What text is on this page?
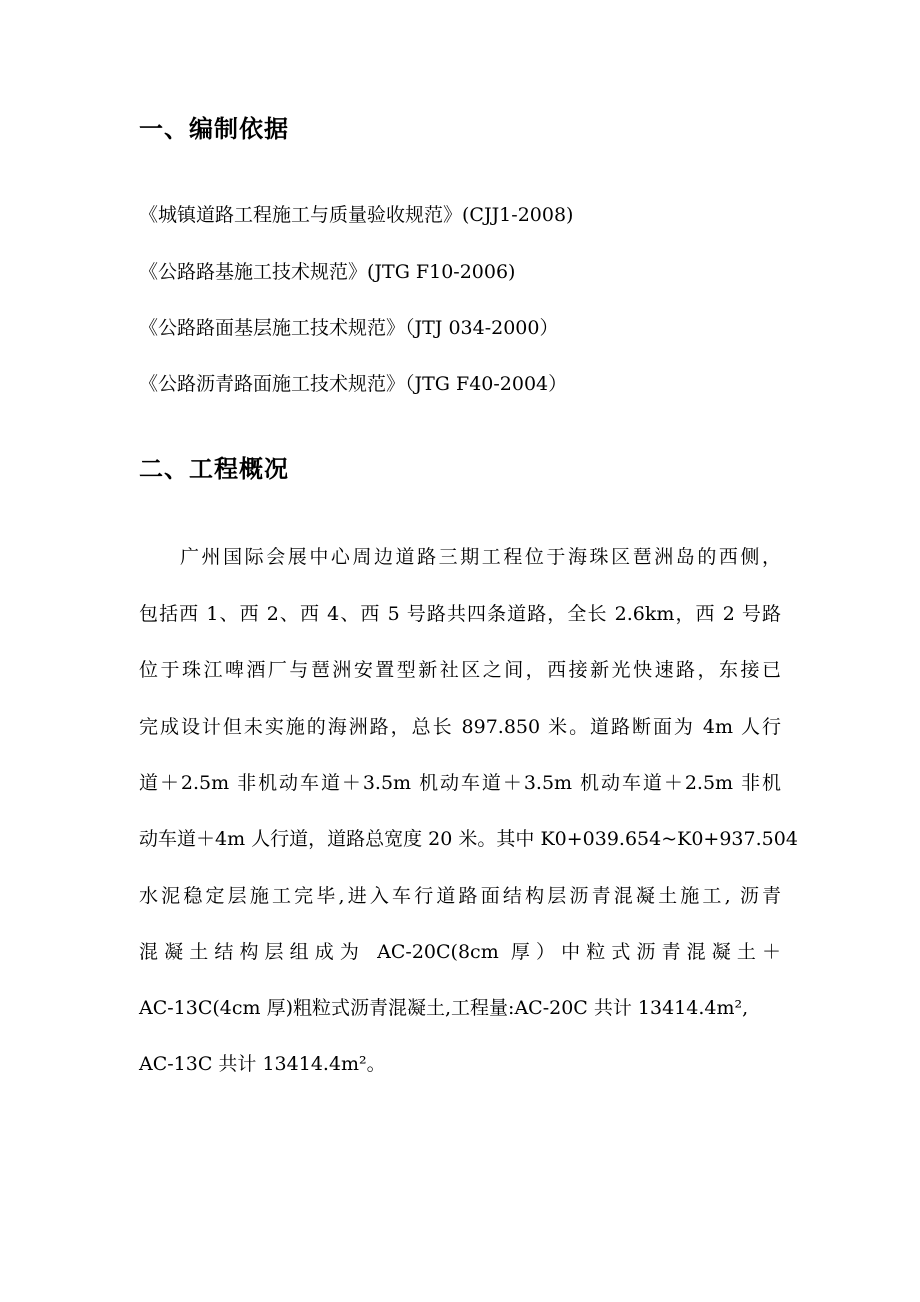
一、编制依据
《城镇道路工程施工与质量验收规范》(CJJ1-2008)
《公路路基施工技术规范》(JTG F10-2006)
《公路路面基层施工技术规范》（JTJ 034-2000）
《公路沥青路面施工技术规范》（JTG F40-2004）
二、工程概况
广州国际会展中心周边道路三期工程位于海珠区琶洲岛的西侧，
包括西 1、西 2、西 4、西 5 号路共四条道路，全长 2.6km，西 2 号路
位于珠江啤酒厂与琶洲安置型新社区之间，西接新光快速路，东接已
完成设计但未实施的海洲路，总长 897.850 米。道路断面为 4m 人行
道＋2.5m 非机动车道＋3.5m 机动车道＋3.5m 机动车道＋2.5m 非机
动车道＋4m 人行道，道路总宽度 20 米。其中 K0+039.654~K0+937.504
水泥稳定层施工完毕,进入车行道路面结构层沥青混凝土施工, 沥青
混凝土结构层组成为 AC-20C(8cm 厚）中粒式沥青混凝土＋
AC-13C(4cm 厚)粗粒式沥青混凝土,工程量:AC-20C 共计 13414.4m²,
AC-13C 共计 13414.4m²。
